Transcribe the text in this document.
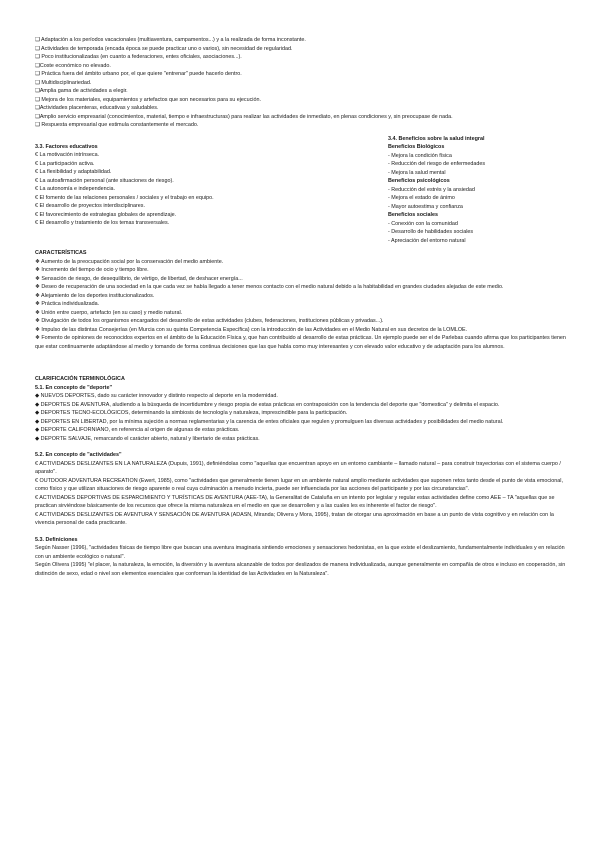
❑ Adaptación a los períodos vacacionales (multiaventura, campamentos...) y a la realizada de forma inconstante.
❑ Actividades de temporada (encada época se puede practicar uno o varios), sin necesidad de regularidad.
❑ Poco institucionalizadas (en cuanto a federaciones, entes oficiales, asociaciones...).
❑Coste económico no elevado.
❑ Práctica fuera del ámbito urbano por, el que quiere "entrenar" puede hacerlo dentro.
❑ Multidisciplinariedad.
❑Amplia gama de actividades a elegir.
❑ Mejora de los materiales, equipamientos y artefactos que son necesarios para su ejecución.
❑Actividades placenteras, educativas y saludables.
❑Amplio servicio empresarial (conocimientos, material, tiempo e infraestructuras) para realizar las actividades de inmediato, en plenas condiciones y, sin preocupase de nada.
❑ Respuesta empresarial que estimula constantemente el mercado.
3.3. Factores educativos
€ La motivación intrínseca.
€ La participación activa.
€ La flexibilidad y adaptabilidad.
€ La autoafirmación personal (ante situaciones de riesgo).
€ La autonomía e independencia.
€ El fomento de las relaciones personales / sociales y el trabajo en equipo.
€ El desarrollo de proyectos interdisciplinares.
€ El favorecimiento de estrategias globales de aprendizaje.
€ El desarrollo y tratamiento de los temas transversales.
3.4. Beneficios sobre la salud integral
Beneficios Biológicos
- Mejora la condición física
- Reducción del riesgo de enfermedades
- Mejora la salud mental
Beneficios psicológicos
- Reducción del estrés y la ansiedad
- Mejora el estado de ánimo
- Mayor autoestima y confianza
Beneficios sociales
- Conexión con la comunidad
- Desarrollo de habilidades sociales
- Apreciación del entorno natural
CARACTERÍSTICAS
❖ Aumento de la preocupación social por la conservación del medio ambiente.
❖ Incremento del tiempo de ocio y tiempo libre.
❖ Sensación de riesgo, de desequilibrio, de vértigo, de libertad, de deshacer energía...
❖ Deseo de recuperación de una sociedad en la que cada vez se había llegado a tener menos contacto con el medio natural debido a la habitabilidad en grandes ciudades alejadas de este medio.
❖ Alejamiento de los deportes institucionalizados.
❖ Práctica individualizada.
❖ Unión entre cuerpo, artefacto (en su caso) y medio natural.
❖ Divulgación de todos los organismos encargados del desarrollo de estas actividades (clubes, federaciones, instituciones públicas y privadas...).
❖ Impulso de las distintas Consejerías (en Murcia con su quinta Competencia Específica) con la introducción de las Actividades en el Medio Natural en sus decretos de la LOMLOE.
❖ Fomento de opiniones de reconocidos expertos en el ámbito de la Educación Física y, que han contribuido al desarrollo de estas prácticas. Un ejemplo puede ser el de Parlebas cuando afirma que los participantes tienen que estar continuamente adaptándose al medio y tomando de forma continua decisiones que las que habla como muy interesantes y con elevado valor educativo y de adaptación para los alumnos.
CLARIFICACIÓN TERMINOLÓGICA
5.1. En concepto de "deporte"
◆ NUEVOS DEPORTES, dado su carácter innovador y distinto respecto al deporte en la modernidad.
◆ DEPORTES DE AVENTURA, aludiendo a la búsqueda de incertidumbre y riesgo propia de estas prácticas en contraposición con la tendencia del deporte que "domestica" y delimita el espacio.
◆ DEPORTES TECNO-ECOLÓGICOS, determinando la simbiosis de tecnología y naturaleza, imprescindible para la participación.
◆ DEPORTES EN LIBERTAD, por la mínima sujeción a normas reglamentarias y la carencia de entes oficiales que regulen y promulguen las diversas actividades y posibilidades del medio natural.
◆ DEPORTE CALIFORNIANO, en referencia al origen de algunas de estas prácticas.
◆ DEPORTE SALVAJE, remarcando el carácter abierto, natural y libertario de estas prácticas.
5.2. En concepto de "actividades"
€ ACTIVIDADES DESLIZANTES EN LA NATURALEZA (Dupuis, 1991), definiéndolas como "aquellas que encuentran apoyo en un entorno cambiante – llamado natural – para construir trayectorias con el sistema cuerpo / aparato".
€ OUTDOOR ADVENTURA RECREATION (Ewert, 1985), como "actividades que generalmente tienen lugar en un ambiente natural amplio mediante actividades que suponen retos tanto desde el punto de vista emocional, como físico y que utilizan situaciones de riesgo aparente o real cuya culminación a menudo incierta, puede ser influenciada por las acciones del participante y por las circunstancias".
€ ACTIVIDADES DEPORTIVAS DE ESPARCIMIENTO Y TURÍSTICAS DE AVENTURA (AEE-TA), la Generalitat de Cataluña en un intento por legislar y regular estas actividades define como AEE – TA "aquellas que se practican sirviéndose básicamente de los recursos que ofrece la misma naturaleza en el medio en que se desarrollen y a las cuales les es inherente el factor de riesgo".
€ ACTIVIDADES DESLIZANTES DE AVENTURA Y SENSACIÓN DE AVENTURA (ADASN, Miranda; Olivera y Mora, 1995), tratan de otorgar una aproximación en base a un punto de vista cognitivo y en relación con la vivencia personal de cada practicante.
5.3. Definiciones
Según Nasser (1996), "actividades físicas de tiempo libre que buscan una aventura imaginaria sintiendo emociones y sensaciones hedonistas, en la que existe el deslizamiento, fundamentalmente individuales y en relación con un ambiente ecológico o natural".
Según Olivera (1995) "el placer, la naturaleza, la emoción, la diversión y la aventura alcanzable de todos por deslizados de manera individualizada, aunque generalmente en compañía de otros e incluso en cooperación, sin distinción de sexo, edad o nivel son elementos esenciales que conforman la identidad de las Actividades en la Naturaleza".
